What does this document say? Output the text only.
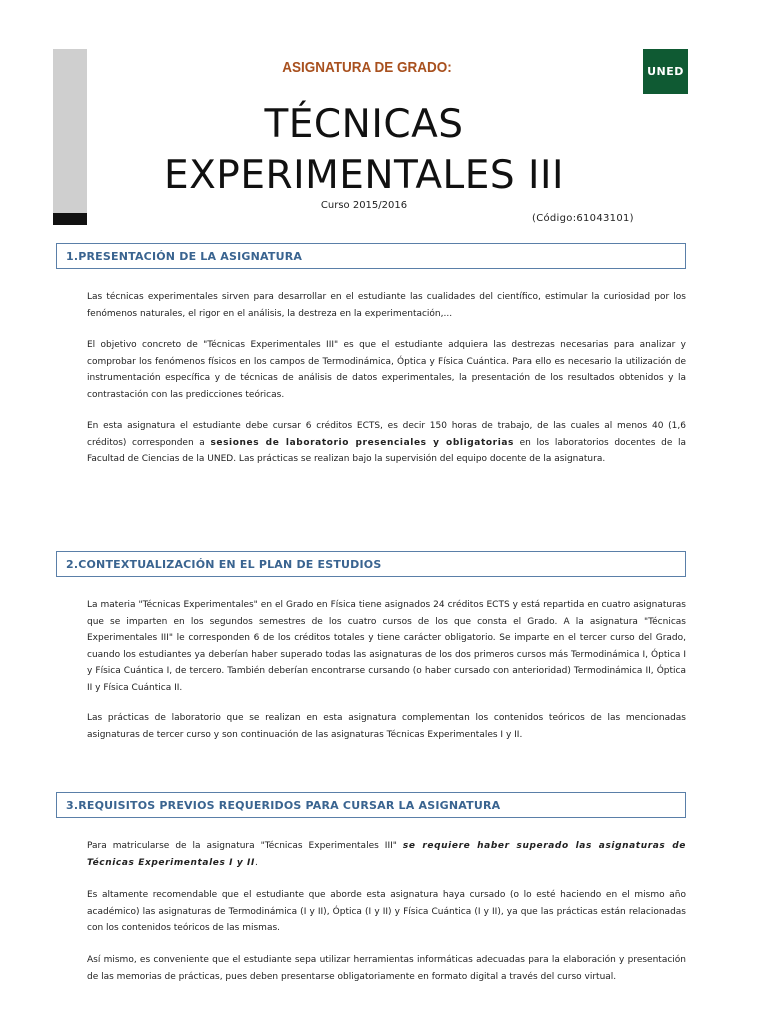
ASIGNATURA DE GRADO:	UNED
TÉCNICAS
EXPERIMENTALES III
Curso 2015/2016
(Código:61043101)
1.PRESENTACIÓN DE LA ASIGNATURA

Las técnicas experimentales sirven para desarrollar en el estudiante las cualidades del científico, estimular la curiosidad por los fenómenos naturales, el rigor en el análisis, la destreza en la experimentación,...

El objetivo concreto de "Técnicas Experimentales III" es que el estudiante adquiera las destrezas necesarias para analizar y comprobar los fenómenos físicos en los campos de Termodinámica, Óptica y Física Cuántica. Para ello es necesario la utilización de instrumentación específica y de técnicas de análisis de datos experimentales, la presentación de los resultados obtenidos y la contrastación con las predicciones teóricas.

En esta asignatura el estudiante debe cursar 6 créditos ECTS, es decir 150 horas de trabajo, de las cuales al menos 40 (1,6 créditos) corresponden a sesiones de laboratorio presenciales y obligatorias en los laboratorios docentes de la Facultad de Ciencias de la UNED. Las prácticas se realizan bajo la supervisión del equipo docente de la asignatura.

2.CONTEXTUALIZACIÓN EN EL PLAN DE ESTUDIOS

La materia "Técnicas Experimentales" en el Grado en Física tiene asignados 24 créditos ECTS y está repartida en cuatro asignaturas que se imparten en los segundos semestres de los cuatro cursos de los que consta el Grado. A la asignatura "Técnicas Experimentales III" le corresponden 6 de los créditos totales y tiene carácter obligatorio. Se imparte en el tercer curso del Grado, cuando los estudiantes ya deberían haber superado todas las asignaturas de los dos primeros cursos más Termodinámica I, Óptica I y Física Cuántica I, de tercero. También deberían encontrarse cursando (o haber cursado con anterioridad) Termodinámica II, Óptica II y Física Cuántica II.

Las prácticas de laboratorio que se realizan en esta asignatura complementan los contenidos teóricos de las mencionadas asignaturas de tercer curso y son continuación de las asignaturas Técnicas Experimentales I y II.

3.REQUISITOS PREVIOS REQUERIDOS PARA CURSAR LA ASIGNATURA

Para matricularse de la asignatura "Técnicas Experimentales III" se requiere haber superado las asignaturas de Técnicas Experimentales I y II.

Es altamente recomendable que el estudiante que aborde esta asignatura haya cursado (o lo esté haciendo en el mismo año académico) las asignaturas de Termodinámica (I y II), Óptica (I y II) y Física Cuántica (I y II), ya que las prácticas están relacionadas con los contenidos teóricos de las mismas.

Así mismo, es conveniente que el estudiante sepa utilizar herramientas informáticas adecuadas para la elaboración y presentación de las memorias de prácticas, pues deben presentarse obligatoriamente en formato digital a través del curso virtual.
